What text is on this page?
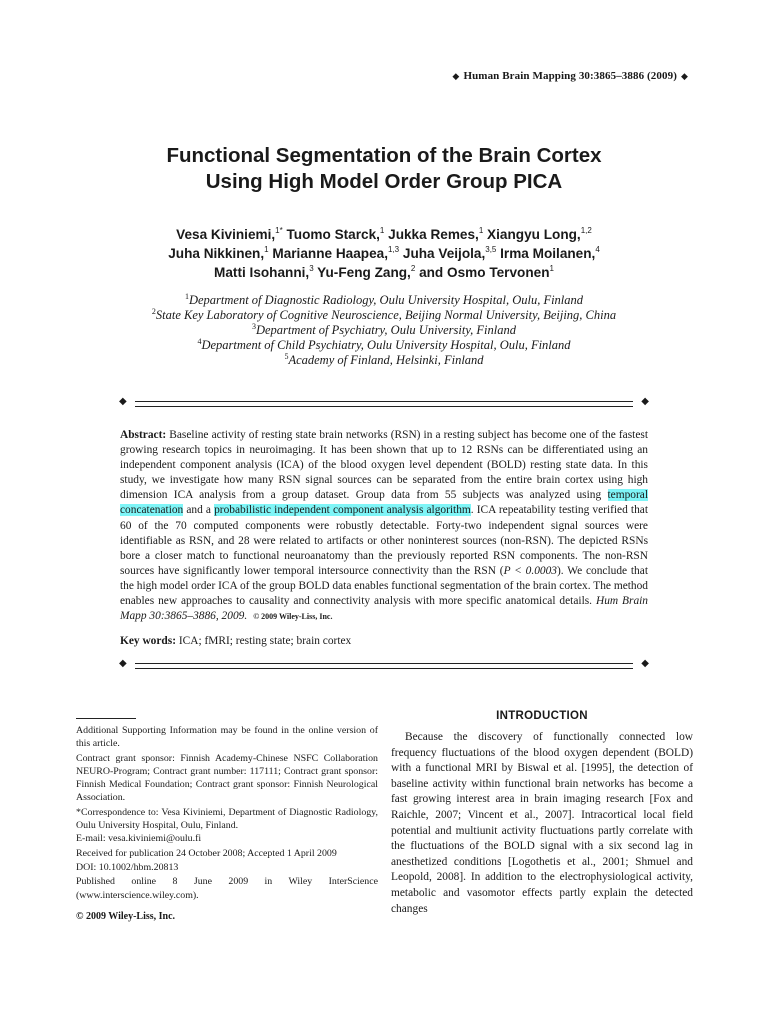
◆ Human Brain Mapping 30:3865–3886 (2009) ◆
Functional Segmentation of the Brain Cortex
Using High Model Order Group PICA
Vesa Kiviniemi,$^{1*}$ Tuomo Starck,$^1$ Jukka Remes,$^1$ Xiangyu Long,$^{1,2}$
Juha Nikkinen,$^1$ Marianne Haapea,$^{1,3}$ Juha Veijola,$^{3,5}$ Irma Moilanen,$^4$
Matti Isohanni,$^3$ Yu-Feng Zang,$^2$ and Osmo Tervonen$^1$
$^1$Department of Diagnostic Radiology, Oulu University Hospital, Oulu, Finland
$^2$State Key Laboratory of Cognitive Neuroscience, Beijing Normal University, Beijing, China
$^3$Department of Psychiatry, Oulu University, Finland
$^4$Department of Child Psychiatry, Oulu University Hospital, Oulu, Finland
$^5$Academy of Finland, Helsinki, Finland
◆	◆
Abstract: Baseline activity of resting state brain networks (RSN) in a resting subject has become one of the fastest growing research topics in neuroimaging. It has been shown that up to 12 RSNs can be differentiated using an independent component analysis (ICA) of the blood oxygen level dependent (BOLD) resting state data. In this study, we investigate how many RSN signal sources can be separated from the entire brain cortex using high dimension ICA analysis from a group dataset. Group data from 55 subjects was analyzed using temporal concatenation and a probabilistic independent component analysis algorithm. ICA repeatability testing verified that 60 of the 70 computed components were robustly detectable. Forty-two independent signal sources were identifiable as RSN, and 28 were related to artifacts or other noninterest sources (non-RSN). The depicted RSNs bore a closer match to functional neuroanatomy than the previously reported RSN components. The non-RSN sources have significantly lower temporal intersource connectivity than the RSN (P < 0.0003). We conclude that the high model order ICA of the group BOLD data enables functional segmentation of the brain cortex. The method enables new approaches to causality and connectivity analysis with more specific anatomical details. Hum Brain Mapp 30:3865–3886, 2009. © 2009 Wiley-Liss, Inc.
Key words: ICA; fMRI; resting state; brain cortex
◆	◆

Additional Supporting Information may be found in the online version of this article.

Contract grant sponsor: Finnish Academy-Chinese NSFC Collaboration NEURO-Program; Contract grant number: 117111; Contract grant sponsor: Finnish Medical Foundation; Contract grant sponsor: Finnish Neurological Association.

*Correspondence to: Vesa Kiviniemi, Department of Diagnostic Radiology, Oulu University Hospital, Oulu, Finland.
E-mail: vesa.kiviniemi@oulu.fi

Received for publication 24 October 2008; Accepted 1 April 2009

DOI: 10.1002/hbm.20813

Published online 8 June 2009 in Wiley InterScience (www.interscience.wiley.com).

© 2009 Wiley-Liss, Inc.
INTRODUCTION
Because the discovery of functionally connected low frequency fluctuations of the blood oxygen dependent (BOLD) with a functional MRI by Biswal et al. [1995], the detection of baseline activity within functional brain networks has become a fast growing interest area in brain imaging research [Fox and Raichle, 2007; Vincent et al., 2007]. Intracortical local field potential and multiunit activity fluctuations partly correlate with the fluctuations of the BOLD signal with a six second lag in anesthetized conditions [Logothetis et al., 2001; Shmuel and Leopold, 2008]. In addition to the electrophysiological activity, metabolic and vasomotor effects partly explain the detected changes
